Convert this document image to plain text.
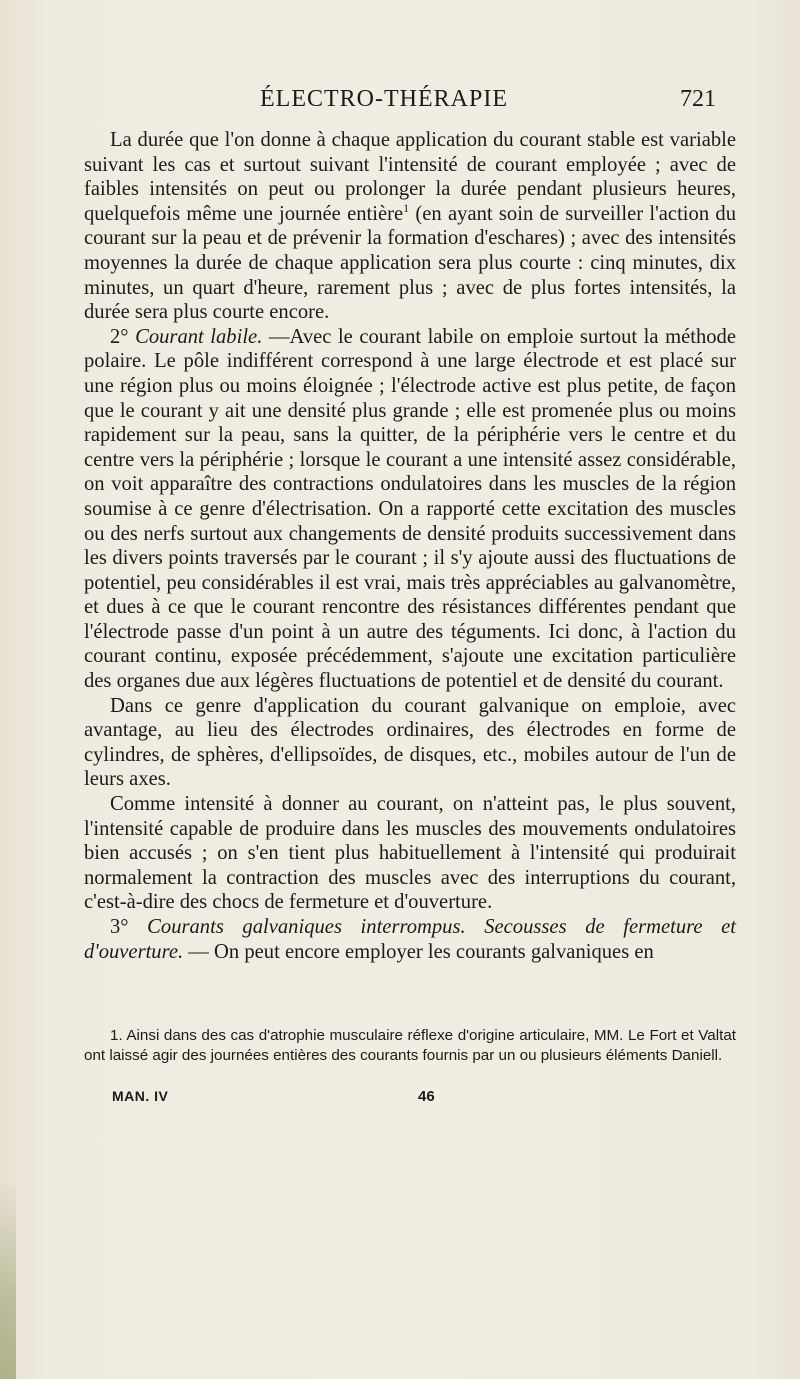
ÉLECTRO-THÉRAPIE	721

La durée que l'on donne à chaque application du courant stable est variable suivant les cas et surtout suivant l'intensité de courant employée ; avec de faibles intensités on peut ou prolonger la durée pendant plusieurs heures, quelquefois même une journée entière$^1$ (en ayant soin de surveiller l'action du courant sur la peau et de prévenir la formation d'eschares) ; avec des intensités moyennes la durée de chaque application sera plus courte : cinq minutes, dix minutes, un quart d'heure, rarement plus ; avec de plus fortes intensités, la durée sera plus courte encore.

2° Courant labile. —Avec le courant labile on emploie surtout la méthode polaire. Le pôle indifférent correspond à une large électrode et est placé sur une région plus ou moins éloignée ; l'électrode active est plus petite, de façon que le courant y ait une densité plus grande ; elle est promenée plus ou moins rapidement sur la peau, sans la quitter, de la périphérie vers le centre et du centre vers la périphérie ; lorsque le courant a une intensité assez considérable, on voit apparaître des contractions ondulatoires dans les muscles de la région soumise à ce genre d'électrisation. On a rapporté cette excitation des muscles ou des nerfs surtout aux changements de densité produits successivement dans les divers points traversés par le courant ; il s'y ajoute aussi des fluctuations de potentiel, peu considérables il est vrai, mais très appréciables au galvanomètre, et dues à ce que le courant rencontre des résistances différentes pendant que l'électrode passe d'un point à un autre des téguments. Ici donc, à l'action du courant continu, exposée précédemment, s'ajoute une excitation particulière des organes due aux légères fluctuations de potentiel et de densité du courant.

Dans ce genre d'application du courant galvanique on emploie, avec avantage, au lieu des électrodes ordinaires, des électrodes en forme de cylindres, de sphères, d'ellipsoïdes, de disques, etc., mobiles autour de l'un de leurs axes.

Comme intensité à donner au courant, on n'atteint pas, le plus souvent, l'intensité capable de produire dans les muscles des mouvements ondulatoires bien accusés ; on s'en tient plus habituellement à l'intensité qui produirait normalement la contraction des muscles avec des interruptions du courant, c'est-à-dire des chocs de fermeture et d'ouverture.

3° Courants galvaniques interrompus. Secousses de fermeture et d'ouverture. — On peut encore employer les courants galvaniques en

1. Ainsi dans des cas d'atrophie musculaire réflexe d'origine articulaire, MM. Le Fort et Valtat ont laissé agir des journées entières des courants fournis par un ou plusieurs éléments Daniell.

MAN. IV	46
